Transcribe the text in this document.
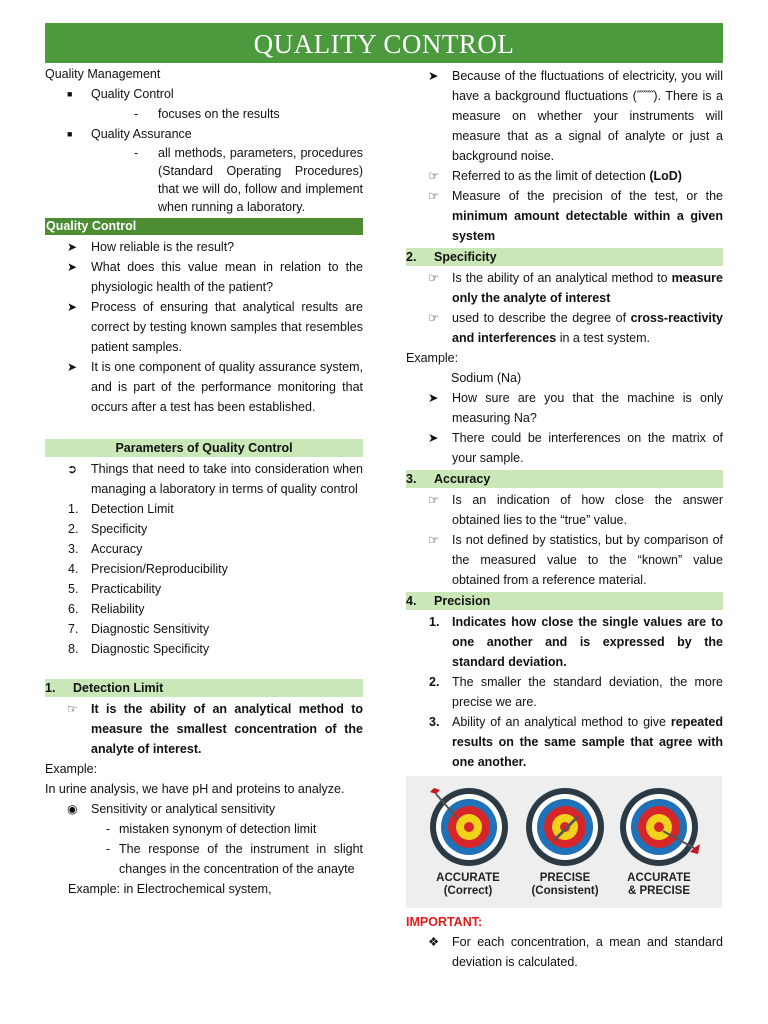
QUALITY CONTROL
Quality Management
■ Quality Control
- focuses on the results
■ Quality Assurance
- all methods, parameters, procedures (Standard Operating Procedures) that we will do, follow and implement when running a laboratory.
Quality Control
➤ How reliable is the result?
➤ What does this value mean in relation to the physiologic health of the patient?
➤ Process of ensuring that analytical results are correct by testing known samples that resembles patient samples.
➤ It is one component of quality assurance system, and is part of the performance monitoring that occurs after a test has been established.
Parameters of Quality Control
➲ Things that need to take into consideration when managing a laboratory in terms of quality control
1. Detection Limit
2. Specificity
3. Accuracy
4. Precision/Reproducibility
5. Practicability
6. Reliability
7. Diagnostic Sensitivity
8. Diagnostic Specificity
1. Detection Limit
☞ It is the ability of an analytical method to measure the smallest concentration of the analyte of interest.
Example:
In urine analysis, we have pH and proteins to analyze.
◉ Sensitivity or analytical sensitivity
- mistaken synonym of detection limit
- The response of the instrument in slight changes in the concentration of the anayte
Example: in Electrochemical system,
➤ Because of the fluctuations of electricity, you will have a background fluctuations (˝˝˝˝). There is a measure on whether your instruments will measure that as a signal of analyte or just a background noise.
☞ Referred to as the limit of detection (LoD)
☞ Measure of the precision of the test, or the minimum amount detectable within a given system
2. Specificity
☞ Is the ability of an analytical method to measure only the analyte of interest
☞ used to describe the degree of cross-reactivity and interferences in a test system.
Example:
Sodium (Na)
➤ How sure are you that the machine is only measuring Na?
➤ There could be interferences on the matrix of your sample.
3. Accuracy
☞ Is an indication of how close the answer obtained lies to the “true” value.
☞ Is not defined by statistics, but by comparison of the measured value to the “known” value obtained from a reference material.
4. Precision
1. Indicates how close the single values are to one another and is expressed by the standard deviation.
2. The smaller the standard deviation, the more precise we are.
3. Ability of an analytical method to give repeated results on the same sample that agree with one another.
ACCURATE
(Correct)
PRECISE
(Consistent)
ACCURATE
& PRECISE
IMPORTANT:
❖ For each concentration, a mean and standard deviation is calculated.
